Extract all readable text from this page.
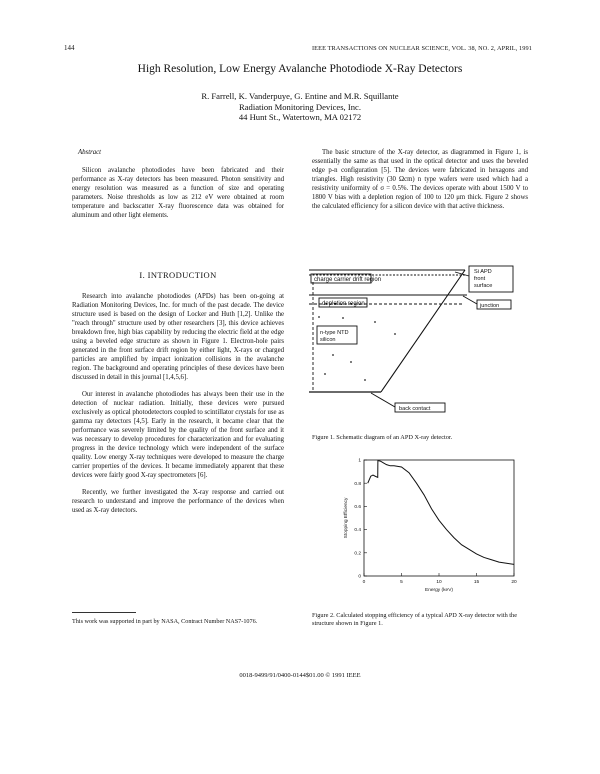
144	IEEE TRANSACTIONS ON NUCLEAR SCIENCE, VOL. 38, NO. 2, APRIL, 1991
High Resolution, Low Energy Avalanche Photodiode X-Ray Detectors
R. Farrell, K. Vanderpuye, G. Entine and M.R. Squillante
Radiation Monitoring Devices, Inc.
44 Hunt St., Watertown, MA 02172
Abstract

Silicon avalanche photodiodes have been fabricated and their performance as X-ray detectors has been measured. Photon sensitivity and energy resolution was measured as a function of size and operating parameters. Noise thresholds as low as 212 eV were obtained at room temperature and backscatter X-ray fluorescence data was obtained for aluminum and other light elements.

I. INTRODUCTION

Research into avalanche photodiodes (APDs) has been on-going at Radiation Monitoring Devices, Inc. for much of the past decade. The device structure used is based on the design of Locker and Huth [1,2]. Unlike the "reach through" structure used by other researchers [3], this device achieves breakdown free, high bias capability by reducing the electric field at the edge using a beveled edge structure as shown in Figure 1. Electron-hole pairs generated in the front surface drift region by either light, X-rays or charged particles are amplified by impact ionization collisions in the avalanche region. The background and operating principles of these devices have been discussed in detail in this journal [1,4,5,6].

Our interest in avalanche photodiodes has always been their use in the detection of nuclear radiation. Initially, these devices were pursued exclusively as optical photodetectors coupled to scintillator crystals for use as gamma ray detectors [4,5]. Early in the research, it became clear that the performance was severely limited by the quality of the front surface and it was necessary to develop procedures for characterization and for evaluating progress in the device technology which were independent of the surface quality. Low energy X-ray techniques were developed to measure the charge carrier properties of the devices. It became immediately apparent that these devices were fairly good X-ray spectrometers [6].

Recently, we further investigated the X-ray response and carried out research to understand and improve the performance of the devices when used as X-ray detectors.

The basic structure of the X-ray detector, as diagrammed in Figure 1, is essentially the same as that used in the optical detector and uses the beveled edge p-n configuration [5]. The devices were fabricated in hexagons and triangles. High resistivity (30 Ωcm) n type wafers were used which had a resistivity uniformity of σ = 0.5%. The devices operate with about 1500 V to 1800 V bias with a depletion region of 100 to 120 μm thick. Figure 2 shows the calculated efficiency for a silicon device with that active thickness.

charge carrier drift region
depletion region
n-type NTD
silicon
Si APD
front
surface
junction
back contact
Figure 1. Schematic diagram of an APD X-ray detector.
0
0.2
0.4
0.6
0.8
1
0	5	10	15	20
Stopping Efficiency
Energy (keV)
Figure 2. Calculated stopping efficiency of a typical APD X-ray detector with the structure shown in Figure 1.
This work was supported in part by NASA, Contract Number NAS7-1076.
0018-9499/91/0400-0144$01.00 © 1991 IEEE
